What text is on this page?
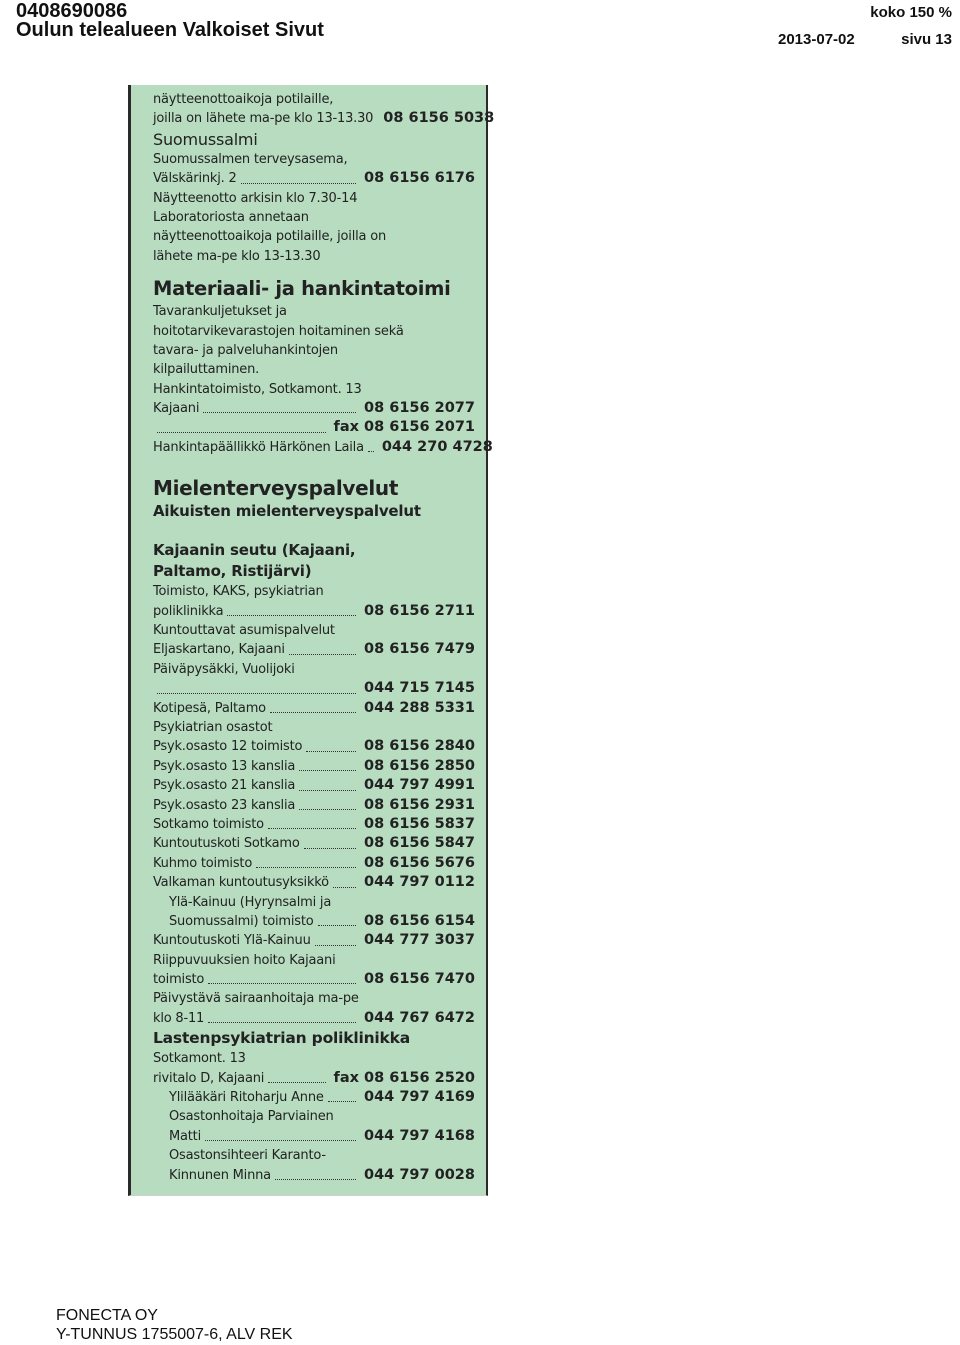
0408690086
Oulun telealueen Valkoiset Sivut
koko 150 %
2013-07-02	sivu 13
näytteenottoaikoja potilaille,
joilla on lähete ma-pe klo 13-13.30 08 6156 5038
Suomussalmi
Suomussalmen terveysasema,
Välskärinkj. 2	08 6156 6176
Näytteenotto arkisin klo 7.30-14
Laboratoriosta annetaan
näytteenottoaikoja potilaille, joilla on
lähete ma-pe klo 13-13.30
Materiaali- ja hankintatoimi
Tavarankuljetukset ja
hoitotarvikevarastojen hoitaminen sekä
tavara- ja palveluhankintojen
kilpailuttaminen.
Hankintatoimisto, Sotkamont. 13
Kajaani	08 6156 2077
fax 08 6156 2071
Hankintapäällikkö Härkönen Laila 044 270 4728
Mielenterveyspalvelut
Aikuisten mielenterveyspalvelut
Kajaanin seutu (Kajaani,
Paltamo, Ristijärvi)
Toimisto, KAKS, psykiatrian
poliklinikka	08 6156 2711
Kuntouttavat asumispalvelut
Eljaskartano, Kajaani	08 6156 7479
Päiväpysäkki, Vuolijoki
044 715 7145
Kotipesä, Paltamo	044 288 5331
Psykiatrian osastot
Psyk.osasto 12 toimisto	08 6156 2840
Psyk.osasto 13 kanslia	08 6156 2850
Psyk.osasto 21 kanslia	044 797 4991
Psyk.osasto 23 kanslia	08 6156 2931
Sotkamo toimisto	08 6156 5837
Kuntoutuskoti Sotkamo	08 6156 5847
Kuhmo toimisto	08 6156 5676
Valkaman kuntoutusyksikkö 044 797 0112
Ylä-Kainuu (Hyrynsalmi ja
Suomussalmi) toimisto	08 6156 6154
Kuntoutuskoti Ylä-Kainuu	044 777 3037
Riippuvuuksien hoito Kajaani
toimisto	08 6156 7470
Päivystävä sairaanhoitaja ma-pe
klo 8-11	044 767 6472
Lastenpsykiatrian poliklinikka
Sotkamont. 13
rivitalo D, Kajaani	fax 08 6156 2520
Ylilääkäri Ritoharju Anne	044 797 4169
Osastonhoitaja Parviainen
Matti	044 797 4168
Osastonsihteeri Karanto-
Kinnunen Minna	044 797 0028
FONECTA OY
Y-TUNNUS 1755007-6, ALV REK
